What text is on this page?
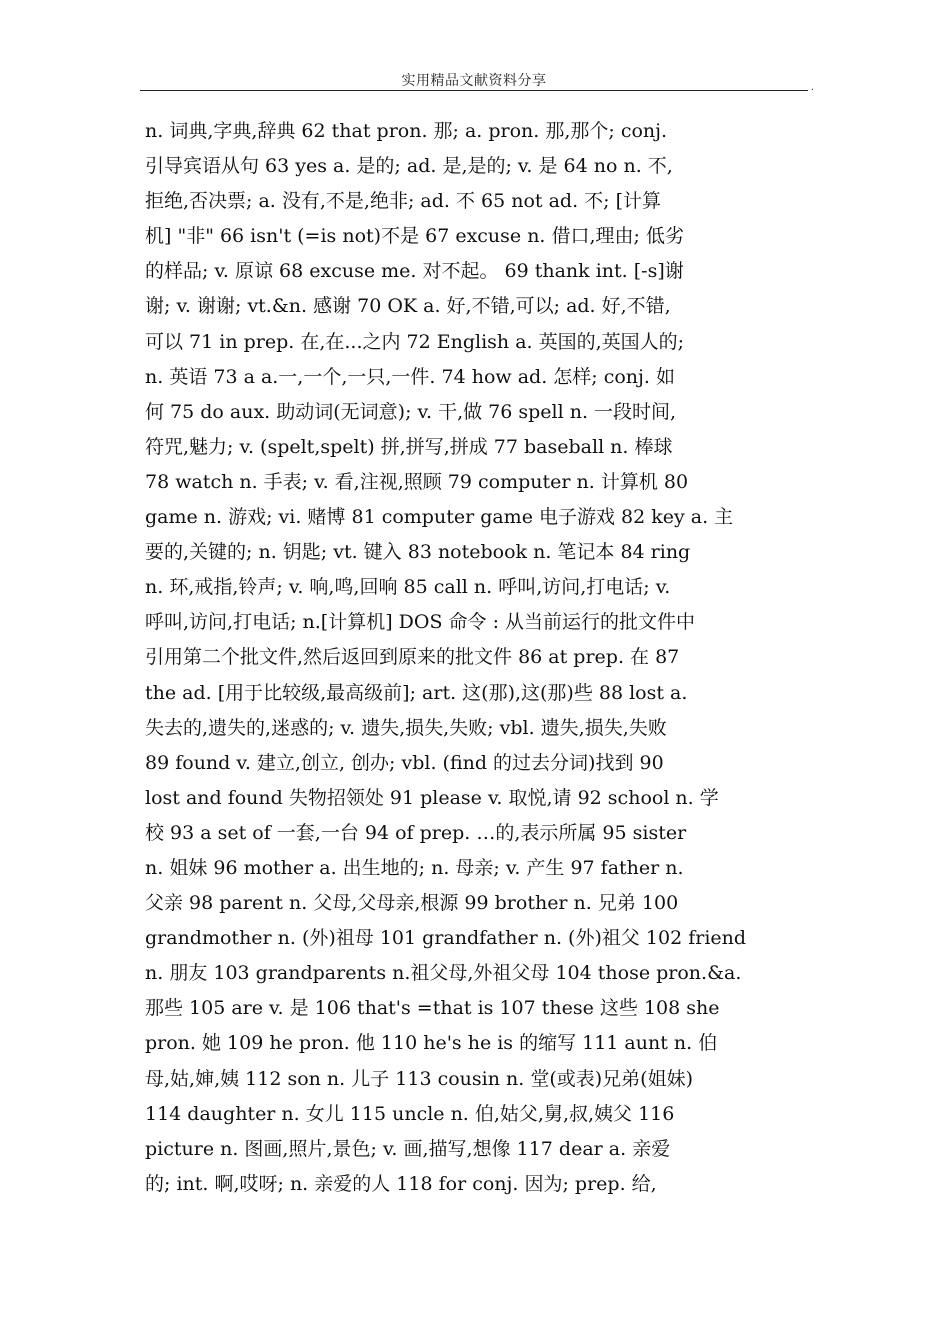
实用精品文献资料分享	.
n. 词典,字典,辞典 62 that pron. 那; a. pron. 那,那个; conj.
引导宾语从句 63 yes a. 是的; ad. 是,是的; v. 是 64 no n. 不,
拒绝,否决票; a. 没有,不是,绝非; ad. 不 65 not ad. 不; [计算
机] "非" 66 isn't (=is not)不是 67 excuse n. 借口,理由; 低劣
的样品; v. 原谅 68 excuse me. 对不起。 69 thank int. [-s]谢
谢; v. 谢谢; vt.&n. 感谢 70 OK a. 好,不错,可以; ad. 好,不错,
可以 71 in prep. 在,在...之内 72 English a. 英国的,英国人的;
n. 英语 73 a a.一,一个,一只,一件. 74 how ad. 怎样; conj. 如
何 75 do aux. 助动词(无词意); v. 干,做 76 spell n. 一段时间,
符咒,魅力; v. (spelt,spelt) 拼,拼写,拼成 77 baseball n. 棒球
78 watch n. 手表; v. 看,注视,照顾 79 computer n. 计算机 80
game n. 游戏; vi. 赌博 81 computer game 电子游戏 82 key a. 主
要的,关键的; n. 钥匙; vt. 键入 83 notebook n. 笔记本 84 ring
n. 环,戒指,铃声; v. 响,鸣,回响 85 call n. 呼叫,访问,打电话; v.
呼叫,访问,打电话; n.[计算机] DOS 命令 : 从当前运行的批文件中
引用第二个批文件,然后返回到原来的批文件 86 at prep. 在 87
the ad. [用于比较级,最高级前]; art. 这(那),这(那)些 88 lost a.
失去的,遗失的,迷惑的; v. 遗失,损失,失败; vbl. 遗失,损失,失败
89 found v. 建立,创立, 创办; vbl. (find 的过去分词)找到 90
lost and found 失物招领处 91 please v. 取悦,请 92 school n. 学
校 93 a set of 一套,一台 94 of prep. …的,表示所属 95 sister
n. 姐妹 96 mother a. 出生地的; n. 母亲; v. 产生 97 father n.
父亲 98 parent n. 父母,父母亲,根源 99 brother n. 兄弟 100
grandmother n. (外)祖母 101 grandfather n. (外)祖父 102 friend
n. 朋友 103 grandparents n.祖父母,外祖父母 104 those pron.&a.
那些 105 are v. 是 106 that's =that is 107 these 这些 108 she
pron. 她 109 he pron. 他 110 he's he is 的缩写 111 aunt n. 伯
母,姑,婶,姨 112 son n. 儿子 113 cousin n. 堂(或表)兄弟(姐妹)
114 daughter n. 女儿 115 uncle n. 伯,姑父,舅,叔,姨父 116
picture n. 图画,照片,景色; v. 画,描写,想像 117 dear a. 亲爱
的; int. 啊,哎呀; n. 亲爱的人 118 for conj. 因为; prep. 给,
